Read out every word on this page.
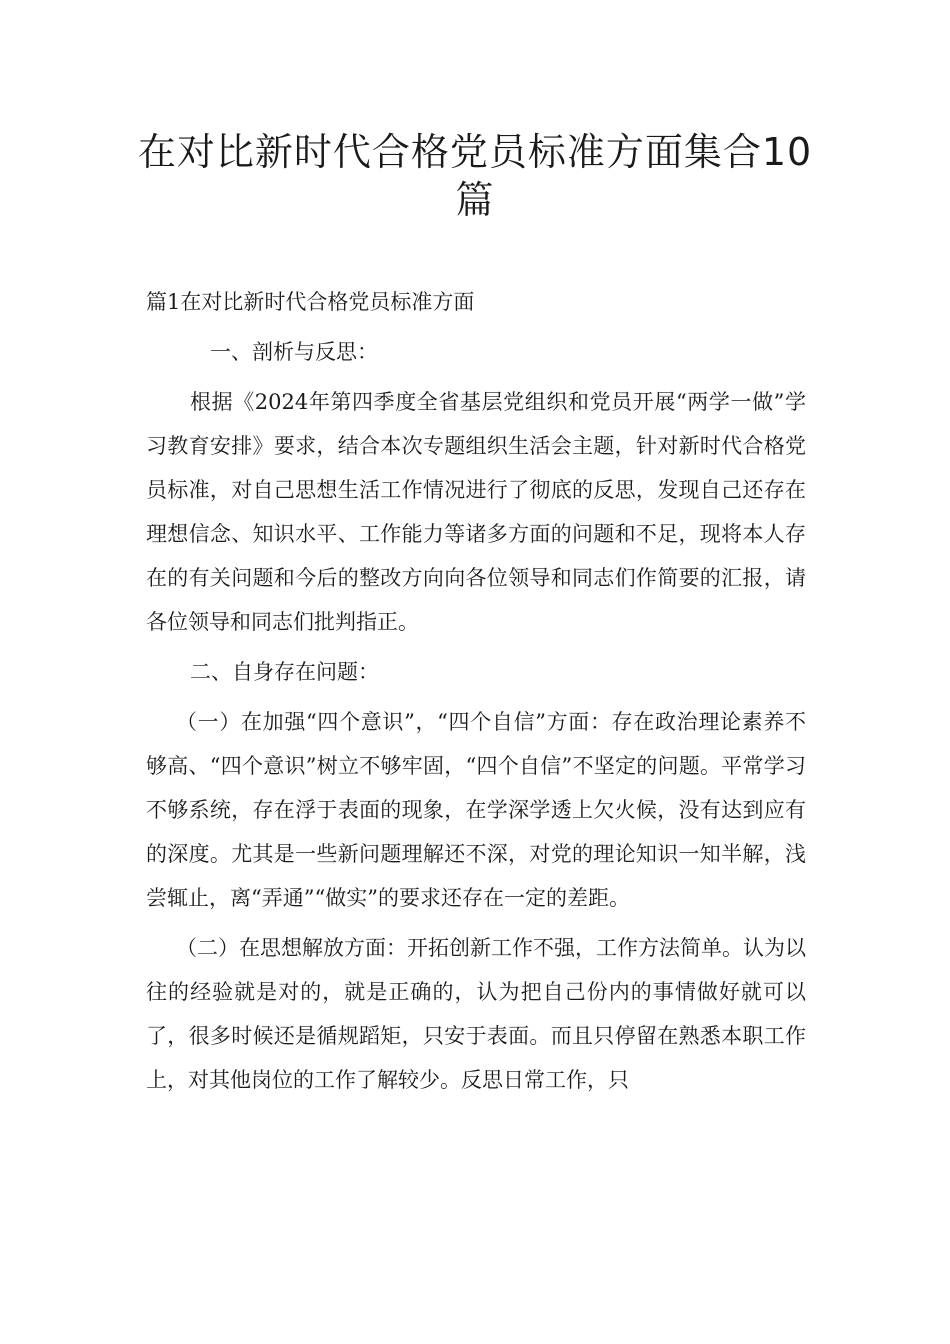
在对比新时代合格党员标准方面集合10篇

篇1在对比新时代合格党员标准方面

一、剖析与反思：

根据《2024年第四季度全省基层党组织和党员开展“两学一做”学习教育安排》要求，结合本次专题组织生活会主题，针对新时代合格党员标准，对自己思想生活工作情况进行了彻底的反思，发现自己还存在理想信念、知识水平、工作能力等诸多方面的问题和不足，现将本人存在的有关问题和今后的整改方向向各位领导和同志们作简要的汇报，请各位领导和同志们批判指正。

二、自身存在问题：

（一）在加强“四个意识”，“四个自信”方面：存在政治理论素养不够高、“四个意识”树立不够牢固，“四个自信”不坚定的问题。平常学习不够系统，存在浮于表面的现象，在学深学透上欠火候，没有达到应有的深度。尤其是一些新问题理解还不深，对党的理论知识一知半解，浅尝辄止，离“弄通”“做实”的要求还存在一定的差距。

（二）在思想解放方面：开拓创新工作不强，工作方法简单。认为以往的经验就是对的，就是正确的，认为把自己份内的事情做好就可以了，很多时候还是循规蹈矩，只安于表面。而且只停留在熟悉本职工作上，对其他岗位的工作了解较少。反思日常工作，只
